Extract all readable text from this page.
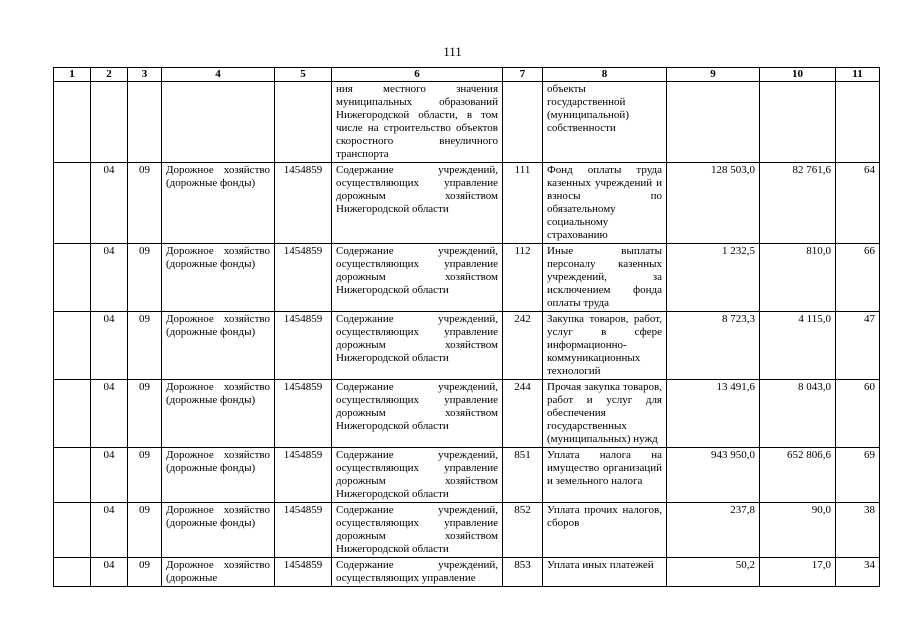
111
1	2	3	4	5	6	7	8	9	10	11
					ния местного значения муниципальных образований Нижегородской области, в том числе на строительство объектов скоростного внеуличного транспорта		объекты государственной (муниципальной) собственности			
	04	09	Дорожное хозяйство (дорожные фонды)	1454859	Содержание учреждений, осуществляющих управление дорожным хозяйством Нижегородской области	111	Фонд оплаты труда казенных учреждений и взносы по обязательному социальному страхованию	128 503,0	82 761,6	64
	04	09	Дорожное хозяйство (дорожные фонды)	1454859	Содержание учреждений, осуществляющих управление дорожным хозяйством Нижегородской области	112	Иные выплаты персоналу казенных учреждений, за исключением фонда оплаты труда	1 232,5	810,0	66
	04	09	Дорожное хозяйство (дорожные фонды)	1454859	Содержание учреждений, осуществляющих управление дорожным хозяйством Нижегородской области	242	Закупка товаров, работ, услуг в сфере информационно-коммуникационных технологий	8 723,3	4 115,0	47
	04	09	Дорожное хозяйство (дорожные фонды)	1454859	Содержание учреждений, осуществляющих управление дорожным хозяйством Нижегородской области	244	Прочая закупка товаров, работ и услуг для обеспечения государственных (муниципальных) нужд	13 491,6	8 043,0	60
	04	09	Дорожное хозяйство (дорожные фонды)	1454859	Содержание учреждений, осуществляющих управление дорожным хозяйством Нижегородской области	851	Уплата налога на имущество организаций и земельного налога	943 950,0	652 806,6	69
	04	09	Дорожное хозяйство (дорожные фонды)	1454859	Содержание учреждений, осуществляющих управление дорожным хозяйством Нижегородской области	852	Уплата прочих налогов, сборов	237,8	90,0	38
	04	09	Дорожное хозяйство (дорожные	1454859	Содержание учреждений, осуществляющих управление	853	Уплата иных платежей	50,2	17,0	34
